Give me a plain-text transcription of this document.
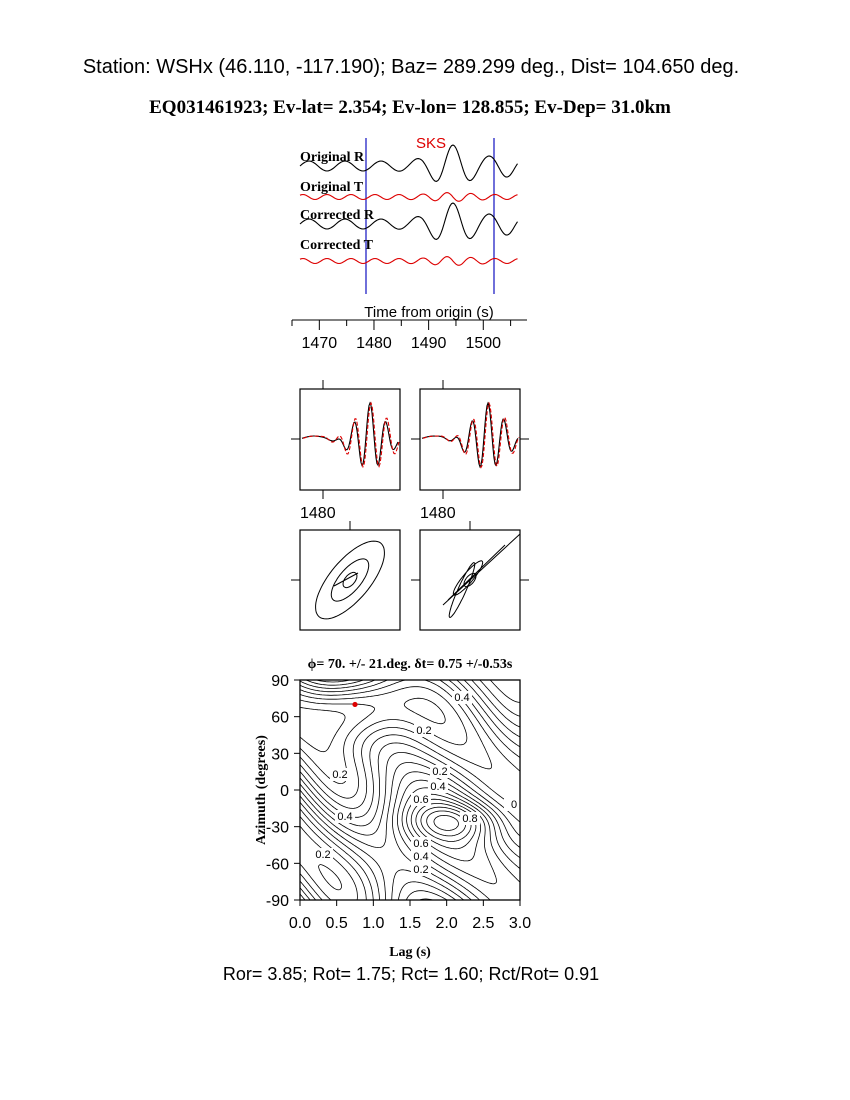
Station: WSHx (46.110, -117.190); Baz= 289.299 deg., Dist= 104.650 deg.
EQ031461923; Ev-lat= 2.354; Ev-lon= 128.855; Ev-Dep= 31.0km
SKS
Original R
Original T
Corrected R
Corrected T
Time from origin (s)
1470 1480 1490 1500
1480	1480
ϕ= 70. +/- 21.deg. δt= 0.75 +/-0.53s
0.4
0.2
0.2	0.2
0.4
0.6
0.4	0.8
0.6
0.4
0.2
0.2
0
0.0 0.5 1.0 1.5 2.0 2.5 3.0
-90
-60
-30
0
30
60
90
Lag (s)
Azimuth (degrees)
Ror= 3.85; Rot= 1.75; Rct= 1.60; Rct/Rot= 0.91
